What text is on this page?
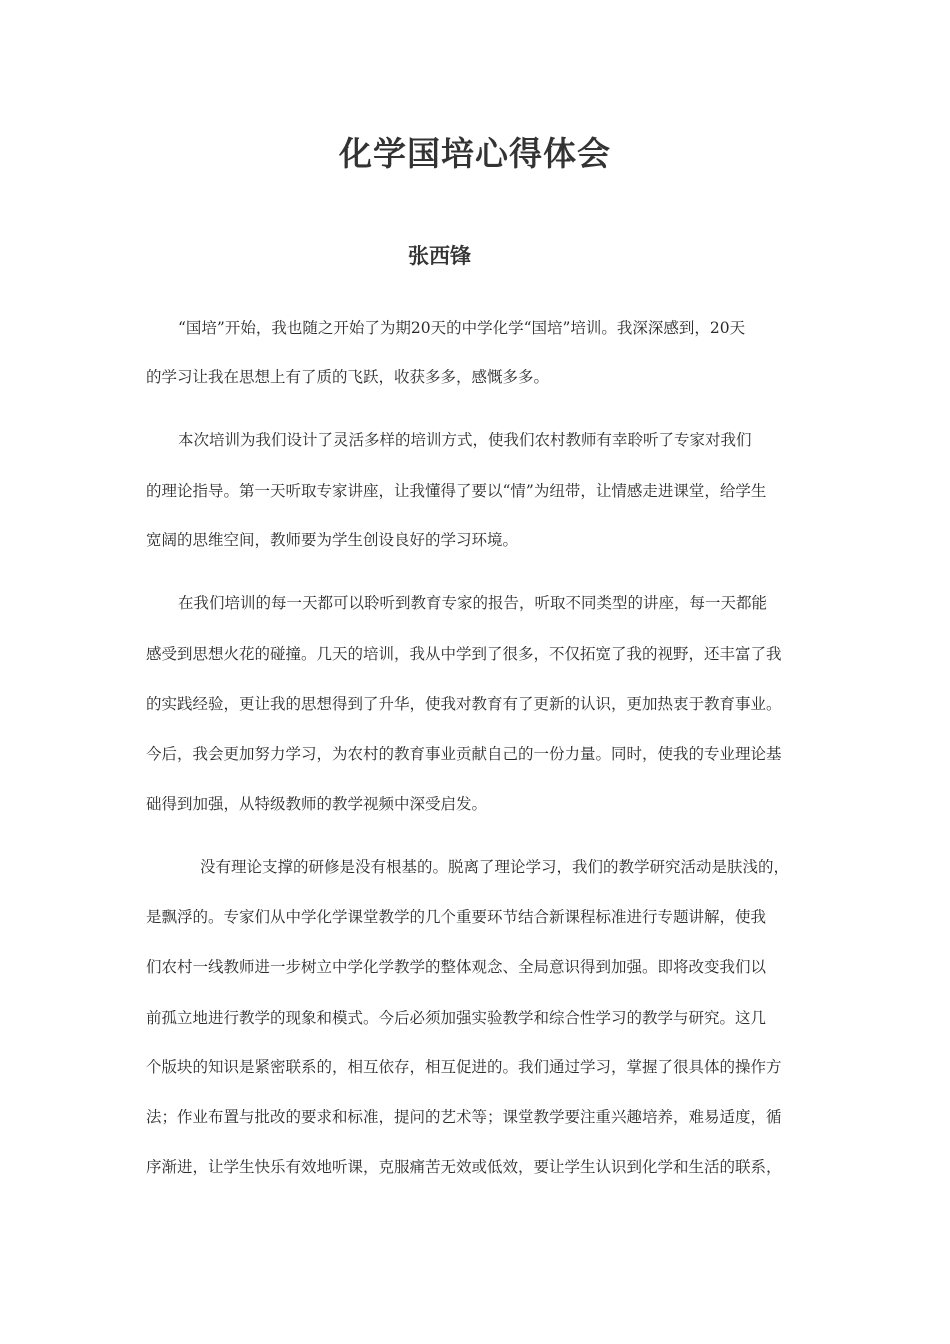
化学国培心得体会
张西锋
“国培”开始，我也随之开始了为期20天的中学化学“国培”培训。我深深感到，20天
的学习让我在思想上有了质的飞跃，收获多多，感慨多多。
本次培训为我们设计了灵活多样的培训方式，使我们农村教师有幸聆听了专家对我们
的理论指导。第一天听取专家讲座，让我懂得了要以“情”为纽带，让情感走进课堂，给学生
宽阔的思维空间，教师要为学生创设良好的学习环境。
在我们培训的每一天都可以聆听到教育专家的报告，听取不同类型的讲座，每一天都能
感受到思想火花的碰撞。几天的培训，我从中学到了很多，不仅拓宽了我的视野，还丰富了我
的实践经验，更让我的思想得到了升华，使我对教育有了更新的认识，更加热衷于教育事业。
今后，我会更加努力学习，为农村的教育事业贡献自己的一份力量。同时，使我的专业理论基
础得到加强，从特级教师的教学视频中深受启发。
没有理论支撑的研修是没有根基的。脱离了理论学习，我们的教学研究活动是肤浅的，
是飘浮的。专家们从中学化学课堂教学的几个重要环节结合新课程标准进行专题讲解，使我
们农村一线教师进一步树立中学化学教学的整体观念、全局意识得到加强。即将改变我们以
前孤立地进行教学的现象和模式。今后必须加强实验教学和综合性学习的教学与研究。这几
个版块的知识是紧密联系的，相互依存，相互促进的。我们通过学习，掌握了很具体的操作方
法；作业布置与批改的要求和标准，提问的艺术等；课堂教学要注重兴趣培养，难易适度，循
序渐进，让学生快乐有效地听课，克服痛苦无效或低效，要让学生认识到化学和生活的联系，
